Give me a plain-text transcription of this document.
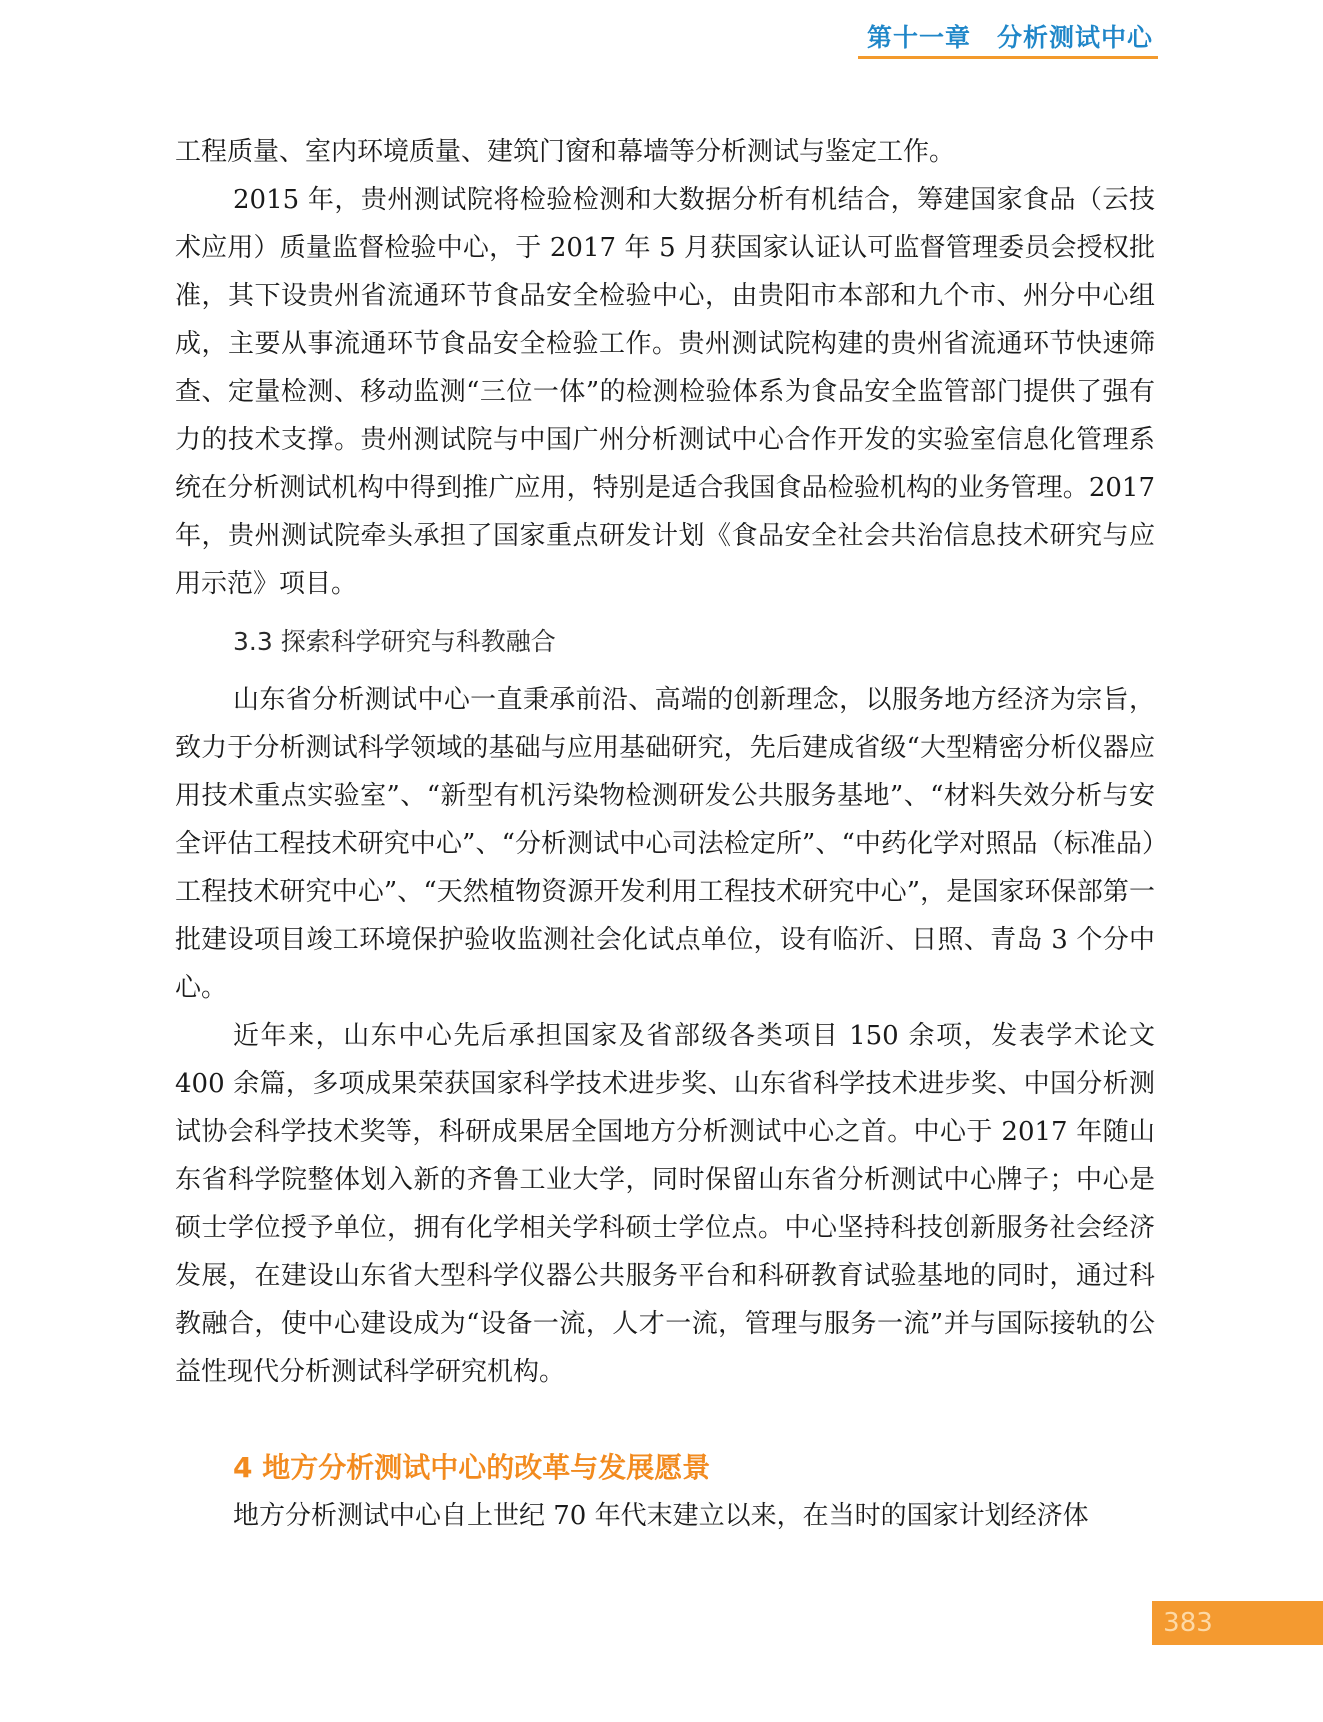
第十一章 分析测试中心

工程质量、室内环境质量、建筑门窗和幕墙等分析测试与鉴定工作。

2015 年，贵州测试院将检验检测和大数据分析有机结合，筹建国家食品（云技术应用）质量监督检验中心，于 2017 年 5 月获国家认证认可监督管理委员会授权批准，其下设贵州省流通环节食品安全检验中心，由贵阳市本部和九个市、州分中心组成，主要从事流通环节食品安全检验工作。贵州测试院构建的贵州省流通环节快速筛查、定量检测、移动监测“三位一体”的检测检验体系为食品安全监管部门提供了强有力的技术支撑。贵州测试院与中国广州分析测试中心合作开发的实验室信息化管理系统在分析测试机构中得到推广应用，特别是适合我国食品检验机构的业务管理。2017 年，贵州测试院牵头承担了国家重点研发计划《食品安全社会共治信息技术研究与应用示范》项目。

3.3 探索科学研究与科教融合

山东省分析测试中心一直秉承前沿、高端的创新理念，以服务地方经济为宗旨，致力于分析测试科学领域的基础与应用基础研究，先后建成省级“大型精密分析仪器应用技术重点实验室”、“新型有机污染物检测研发公共服务基地”、“材料失效分析与安全评估工程技术研究中心”、“分析测试中心司法检定所”、“中药化学对照品（标准品）工程技术研究中心”、“天然植物资源开发利用工程技术研究中心”，是国家环保部第一批建设项目竣工环境保护验收监测社会化试点单位，设有临沂、日照、青岛 3 个分中心。

近年来，山东中心先后承担国家及省部级各类项目 150 余项，发表学术论文 400 余篇，多项成果荣获国家科学技术进步奖、山东省科学技术进步奖、中国分析测试协会科学技术奖等，科研成果居全国地方分析测试中心之首。中心于 2017 年随山东省科学院整体划入新的齐鲁工业大学，同时保留山东省分析测试中心牌子；中心是硕士学位授予单位，拥有化学相关学科硕士学位点。中心坚持科技创新服务社会经济发展，在建设山东省大型科学仪器公共服务平台和科研教育试验基地的同时，通过科教融合，使中心建设成为“设备一流，人才一流，管理与服务一流”并与国际接轨的公益性现代分析测试科学研究机构。

4 地方分析测试中心的改革与发展愿景

地方分析测试中心自上世纪 70 年代末建立以来，在当时的国家计划经济体

383
